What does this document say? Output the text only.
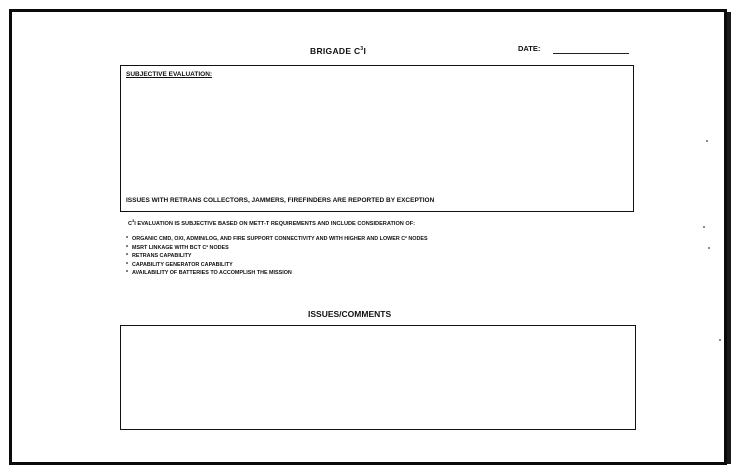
BRIGADE $C^3I$	DATE:
SUBJECTIVE EVALUATION:
ISSUES WITH RETRANS COLLECTORS, JAMMERS, FIREFINDERS ARE REPORTED BY EXCEPTION
$C^3I$ EVALUATION IS SUBJECTIVE BASED ON METT-T REQUIREMENTS AND INCLUDE CONSIDERATION OF:
* ORGANIC CMD, OXI, ADMIN/LOG, AND FIRE SUPPORT CONNECTIVITY AND WITH HIGHER AND LOWER C² NODES
* MSRT LINKAGE WITH BCT C² NODES
* RETRANS CAPABILITY
* CAPABILITY GENERATOR CAPABILITY
* AVAILABILITY OF BATTERIES TO ACCOMPLISH THE MISSION
ISSUES/COMMENTS
